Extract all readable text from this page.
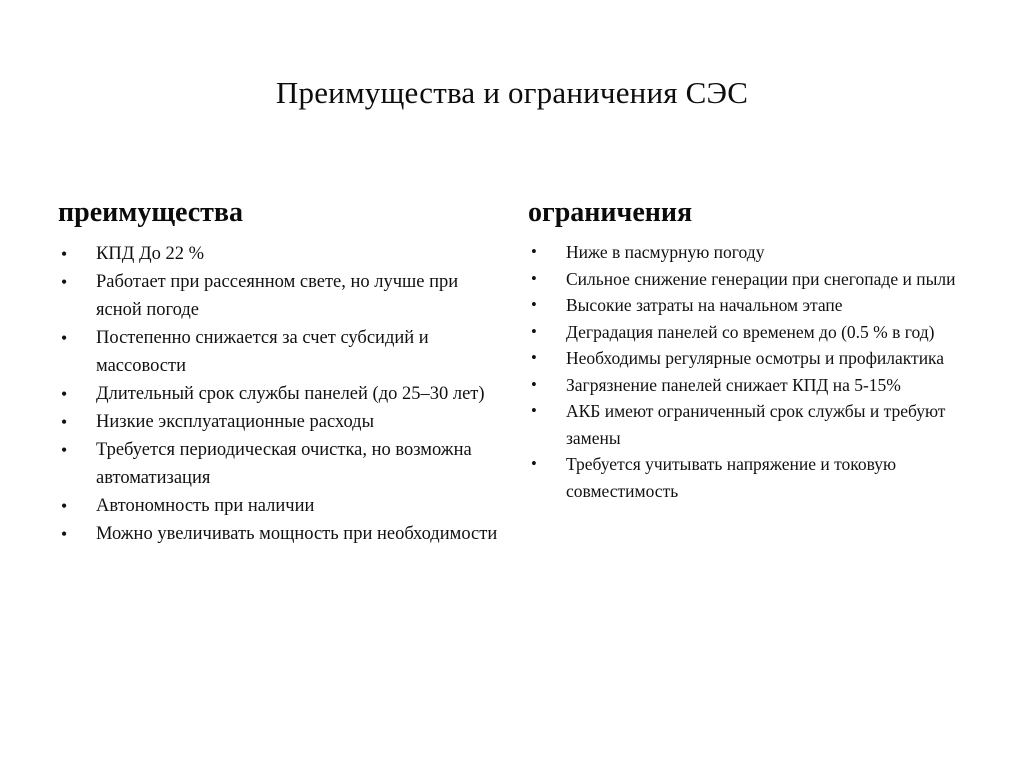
Преимущества и ограничения СЭС
преимущества
• КПД До 22 %
• Работает при рассеянном свете, но лучше при ясной погоде
• Постепенно снижается за счет субсидий и массовости
• Длительный срок службы панелей (до 25–30 лет)
• Низкие эксплуатационные расходы
• Требуется периодическая очистка, но возможна автоматизация
• Автономность при наличии
• Можно увеличивать мощность при необходимости
ограничения
• Ниже в пасмурную погоду
• Сильное снижение генерации при снегопаде и пыли
• Высокие затраты на начальном этапе
• Деградация панелей со временем до (0.5 % в год)
• Необходимы регулярные осмотры и профилактика
• Загрязнение панелей снижает КПД на 5-15%
• АКБ имеют ограниченный срок службы и требуют замены
• Требуется учитывать напряжение и токовую совместимость
